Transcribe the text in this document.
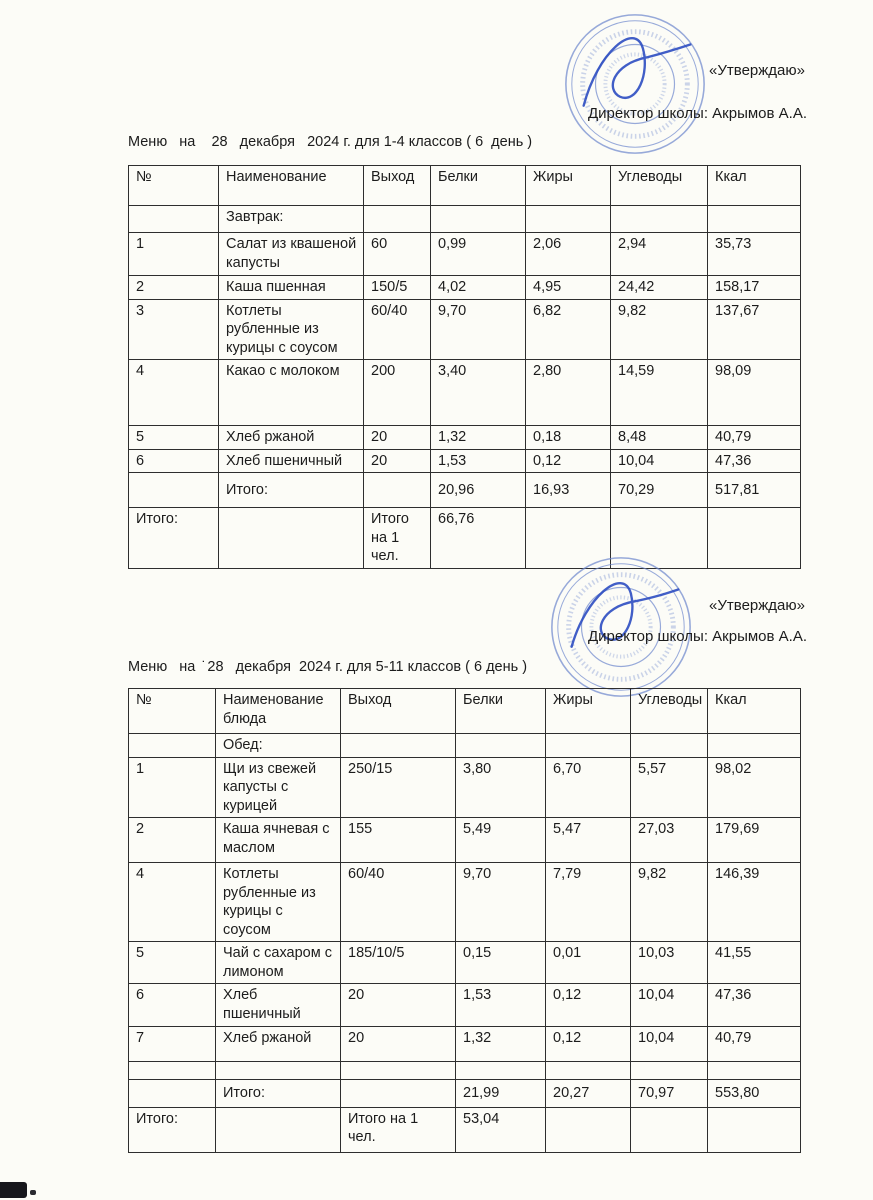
«Утверждаю»
Директор школы: Акрымов А.А.
Меню   на    28   декабря   2024 г. для 1-4 классов ( 6  день )
№	Наименование	Выход	Белки	Жиры	Углеводы	Ккал
	Завтрак:					
1	Салат из квашеной капусты	60	0,99	2,06	2,94	35,73
2	Каша пшенная	150/5	4,02	4,95	24,42	158,17
3	Котлеты рубленные из курицы с соусом	60/40	9,70	6,82	9,82	137,67
4	Какао с молоком	200	3,40	2,80	14,59	98,09
5	Хлеб ржаной	20	1,32	0,18	8,48	40,79
6	Хлеб пшеничный	20	1,53	0,12	10,04	47,36
	Итого:		20,96	16,93	70,29	517,81
Итого:		Итого на 1 чел.	66,76			
«Утверждаю»
Директор школы: Акрымов А.А.
Меню   на  ̇ 28   декабря  2024 г. для 5-11 классов ( 6 день )
№	Наименование блюда	Выход	Белки	Жиры	Углеводы	Ккал
	Обед:					
1	Щи из свежей капусты с курицей	250/15	3,80	6,70	5,57	98,02
2	Каша ячневая с маслом	155	5,49	5,47	27,03	179,69
4	Котлеты рубленные из курицы с соусом	60/40	9,70	7,79	9,82	146,39
5	Чай с сахаром с лимоном	185/10/5	0,15	0,01	10,03	41,55
6	Хлеб пшеничный	20	1,53	0,12	10,04	47,36
7	Хлеб ржаной	20	1,32	0,12	10,04	40,79

	Итого:		21,99	20,27	70,97	553,80
Итого:		Итого на 1 чел.	53,04			
